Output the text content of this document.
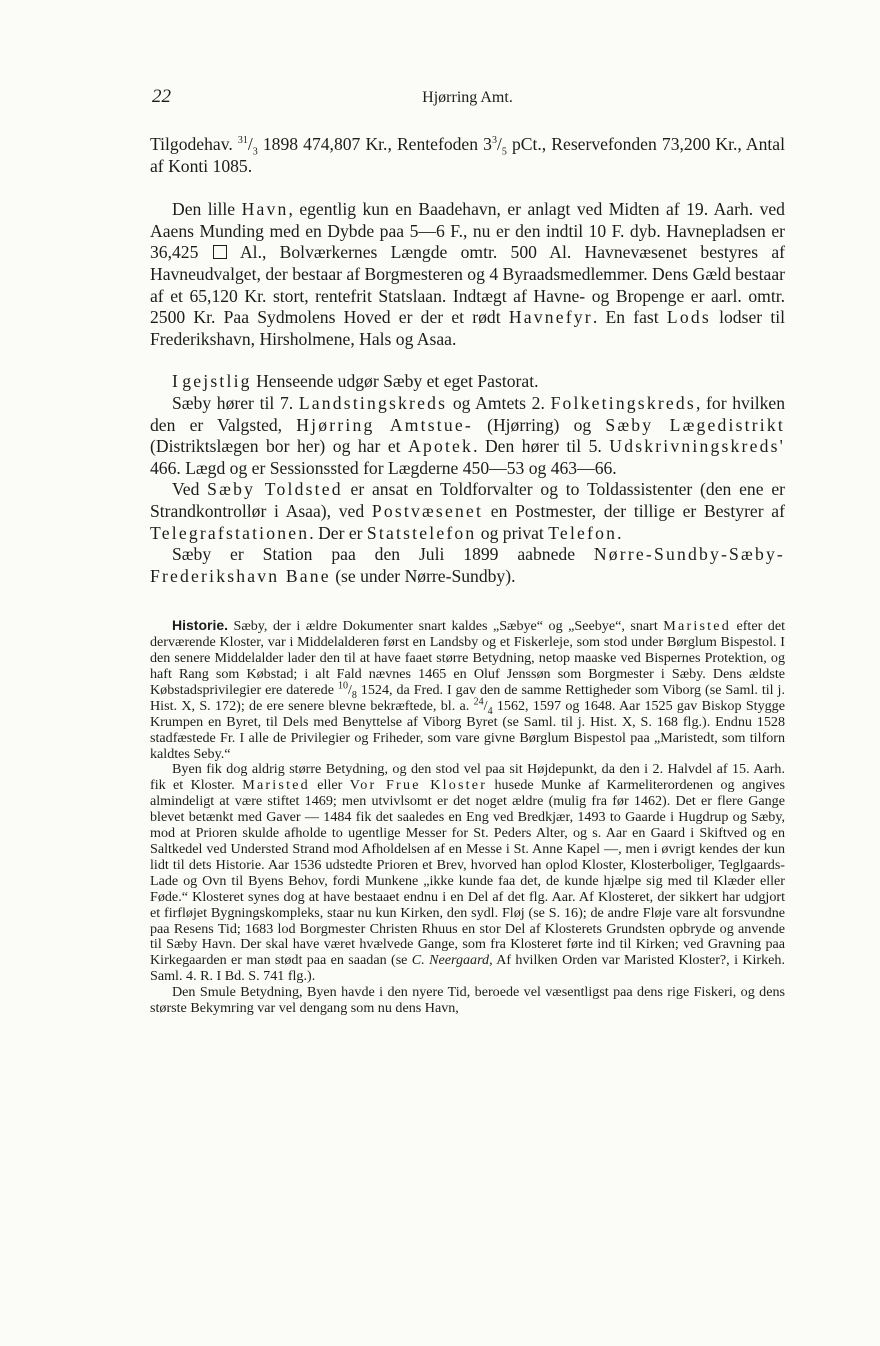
22	Hjørring Amt.

Tilgodehav. $^{31}/_3$ 1898 474,807 Kr., Rentefoden $3^3/_5$ pCt., Reservefonden 73,200 Kr., Antal af Konti 1085.

Den lille Havn, egentlig kun en Baadehavn, er anlagt ved Midten af 19. Aarh. ved Aaens Munding med en Dybde paa 5—6 F., nu er den indtil 10 F. dyb. Havnepladsen er 36,425  Al., Bolværkernes Længde omtr. 500 Al. Havnevæsenet bestyres af Havneudvalget, der bestaar af Borgmesteren og 4 Byraadsmedlemmer. Dens Gæld bestaar af et 65,120 Kr. stort, rentefrit Statslaan. Indtægt af Havne- og Bropenge er aarl. omtr. 2500 Kr. Paa Sydmolens Hoved er der et rødt Havnefyr. En fast Lods lodser til Frederikshavn, Hirsholmene, Hals og Asaa.

I gejstlig Henseende udgør Sæby et eget Pastorat.

Sæby hører til 7. Landstingskreds og Amtets 2. Folketingskreds, for hvilken den er Valgsted, Hjørring Amtstue- (Hjørring) og Sæby Lægedistrikt (Distriktslægen bor her) og har et Apotek. Den hører til 5. Udskrivningskreds' 466. Lægd og er Sessionssted for Lægderne 450—53 og 463—66.

Ved Sæby Toldsted er ansat en Toldforvalter og to Toldassistenter (den ene er Strandkontrollør i Asaa), ved Postvæsenet en Postmester, der tillige er Bestyrer af Telegrafstationen. Der er Statstelefon og privat Telefon.

Sæby er Station paa den Juli 1899 aabnede Nørre-Sundby-Sæby-Frederikshavn Bane (se under Nørre-Sundby).

Historie. Sæby, der i ældre Dokumenter snart kaldes „Sæbye“ og „Seebye“, snart Maristed efter det derværende Kloster, var i Middelalderen først en Landsby og et Fiskerleje, som stod under Børglum Bispestol. I den senere Middelalder lader den til at have faaet større Betydning, netop maaske ved Bispernes Protektion, og haft Rang som Købstad; i alt Fald nævnes 1465 en Oluf Jenssøn som Borgmester i Sæby. Dens ældste Købstadsprivilegier ere daterede $^{10}/_8$ 1524, da Fred. I gav den de samme Rettigheder som Viborg (se Saml. til j. Hist. X, S. 172); de ere senere blevne bekræftede, bl. a. $^{24}/_4$ 1562, 1597 og 1648. Aar 1525 gav Biskop Stygge Krumpen en Byret, til Dels med Benyttelse af Viborg Byret (se Saml. til j. Hist. X, S. 168 flg.). Endnu 1528 stadfæstede Fr. I alle de Privilegier og Friheder, som vare givne Børglum Bispestol paa „Maristedt, som tilforn kaldtes Seby.“

Byen fik dog aldrig større Betydning, og den stod vel paa sit Højdepunkt, da den i 2. Halvdel af 15. Aarh. fik et Kloster. Maristed eller Vor Frue Kloster husede Munke af Karmeliterordenen og angives almindeligt at være stiftet 1469; men utvivlsomt er det noget ældre (mulig fra før 1462). Det er flere Gange blevet betænkt med Gaver — 1484 fik det saaledes en Eng ved Bredkjær, 1493 to Gaarde i Hugdrup og Sæby, mod at Prioren skulde afholde to ugentlige Messer for St. Peders Alter, og s. Aar en Gaard i Skiftved og en Saltkedel ved Understed Strand mod Afholdelsen af en Messe i St. Anne Kapel —, men i øvrigt kendes der kun lidt til dets Historie. Aar 1536 udstedte Prioren et Brev, hvorved han oplod Kloster, Klosterboliger, Teglgaards-Lade og Ovn til Byens Behov, fordi Munkene „ikke kunde faa det, de kunde hjælpe sig med til Klæder eller Føde.“ Klosteret synes dog at have bestaaet endnu i en Del af det flg. Aar. Af Klosteret, der sikkert har udgjort et firfløjet Bygningskompleks, staar nu kun Kirken, den sydl. Fløj (se S. 16); de andre Fløje vare alt forsvundne paa Resens Tid; 1683 lod Borgmester Christen Rhuus en stor Del af Klosterets Grundsten opbryde og anvende til Sæby Havn. Der skal have været hvælvede Gange, som fra Klosteret førte ind til Kirken; ved Gravning paa Kirkegaarden er man stødt paa en saadan (se C. Neergaard, Af hvilken Orden var Maristed Kloster?, i Kirkeh. Saml. 4. R. I Bd. S. 741 flg.).

Den Smule Betydning, Byen havde i den nyere Tid, beroede vel væsentligst paa dens rige Fiskeri, og dens største Bekymring var vel dengang som nu dens Havn,
